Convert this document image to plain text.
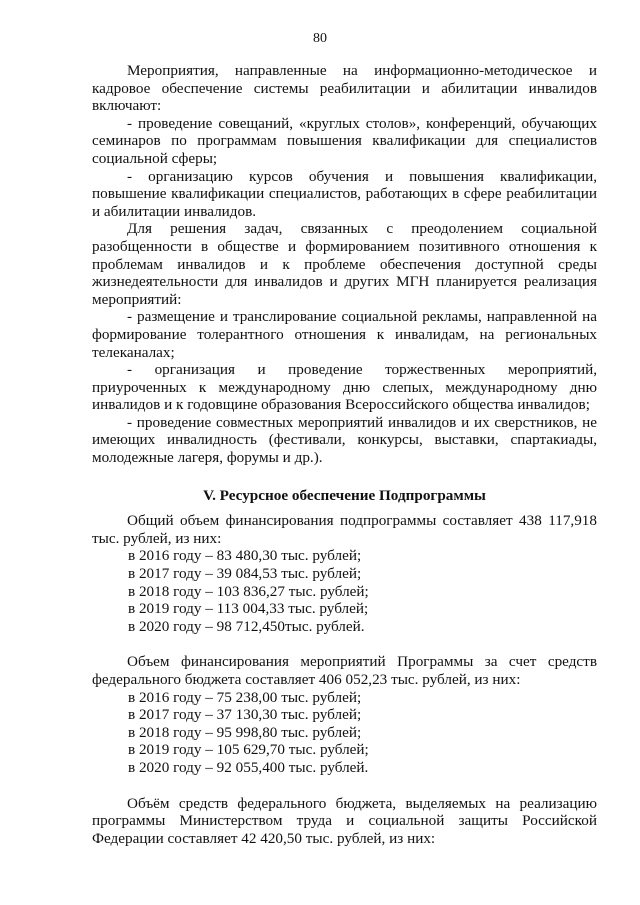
80

Мероприятия, направленные на информационно-методическое и кадровое обеспечение системы реабилитации и абилитации инвалидов включают:

- проведение совещаний, «круглых столов», конференций, обучающих семинаров по программам повышения квалификации для специалистов социальной сферы;

- организацию курсов обучения и повышения квалификации, повышение квалификации специалистов, работающих в сфере реабилитации и абилитации инвалидов.

Для решения задач, связанных с преодолением социальной разобщенности в обществе и формированием позитивного отношения к проблемам инвалидов и к проблеме обеспечения доступной среды жизнедеятельности для инвалидов и других МГН планируется реализация мероприятий:

- размещение и транслирование социальной рекламы, направленной на формирование толерантного отношения к инвалидам, на региональных телеканалах;

- организация и проведение торжественных мероприятий, приуроченных к международному дню слепых, международному дню инвалидов и к годовщине образования Всероссийского общества инвалидов;

- проведение совместных мероприятий инвалидов и их сверстников, не имеющих инвалидность (фестивали, конкурсы, выставки, спартакиады, молодежные лагеря, форумы и др.).

V. Ресурсное обеспечение Подпрограммы

Общий объем финансирования подпрограммы составляет 438 117,918 тыс. рублей, из них:

в 2016 году – 83 480,30 тыс. рублей;

в 2017 году – 39 084,53 тыс. рублей;

в 2018 году – 103 836,27 тыс. рублей;

в 2019 году – 113 004,33 тыс. рублей;

в 2020 году – 98 712,450тыс. рублей.

Объем финансирования мероприятий Программы за счет средств федерального бюджета составляет 406 052,23 тыс. рублей, из них:

в 2016 году – 75 238,00 тыс. рублей;

в 2017 году – 37 130,30 тыс. рублей;

в 2018 году – 95 998,80 тыс. рублей;

в 2019 году – 105 629,70 тыс. рублей;

в 2020 году – 92 055,400 тыс. рублей.

Объём средств федерального бюджета, выделяемых на реализацию программы Министерством труда и социальной защиты Российской Федерации составляет 42 420,50 тыс. рублей, из них:
